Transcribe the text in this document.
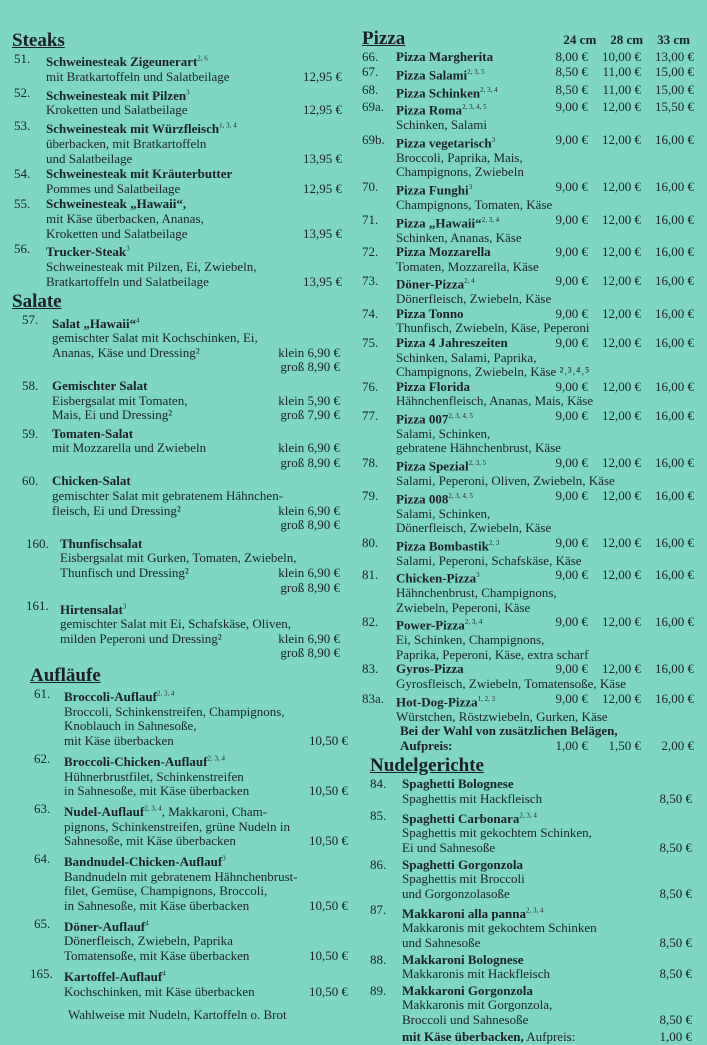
Steaks
51. Schweinesteak Zigeunerart$^{2, 6}$
mit Bratkartoffeln und Salatbeilage	12,95 €
52. Schweinesteak mit Pilzen$^3$
Kroketten und Salatbeilage	12,95 €
53. Schweinesteak mit Würzfleisch$^{1, 3, 4}$
überbacken, mit Bratkartoffeln
und Salatbeilage	13,95 €
54. Schweinesteak mit Kräuterbutter
Pommes und Salatbeilage	12,95 €
55. Schweinesteak „Hawaii“,
mit Käse überbacken, Ananas,
Kroketten und Salatbeilage	13,95 €
56. Trucker-Steak$^3$
Schweinesteak mit Pilzen, Ei, Zwiebeln,
Bratkartoffeln und Salatbeilage	13,95 €
Salate
57. Salat „Hawaii“$^4$
gemischter Salat mit Kochschinken, Ei,
Ananas, Käse und Dressing²	klein 6,90 €
groß 8,90 €
58. Gemischter Salat
Eisbergsalat mit Tomaten,	klein 5,90 €
Mais, Ei und Dressing²	groß 7,90 €
59. Tomaten-Salat
mit Mozzarella und Zwiebeln	klein 6,90 €
groß 8,90 €
60. Chicken-Salat
gemischter Salat mit gebratenem Hähnchen-
fleisch, Ei und Dressing²	klein 6,90 €
groß 8,90 €
160. Thunfischsalat
Eisbergsalat mit Gurken, Tomaten, Zwiebeln,
Thunfisch und Dressing²	klein 6,90 €
groß 8,90 €
161. Hirtensalat$^3$
gemischter Salat mit Ei, Schafskäse, Oliven,
milden Peperoni und Dressing²	klein 6,90 €
groß 8,90 €
Aufläufe
61. Broccoli-Auflauf$^{2, 3, 4}$
Broccoli, Schinkenstreifen, Champignons,
Knoblauch in Sahnesoße,
mit Käse überbacken	10,50 €
62. Broccoli-Chicken-Auflauf$^{2, 3, 4}$
Hühnerbrustfilet, Schinkenstreifen
in Sahnesoße, mit Käse überbacken	10,50 €
63. Nudel-Auflauf$^{2, 3, 4}$, Makkaroni, Cham-
pignons, Schinkenstreifen, grüne Nudeln in
Sahnesoße, mit Käse überbacken	10,50 €
64. Bandnudel-Chicken-Auflauf$^3$
Bandnudeln mit gebratenem Hähnchenbrust-
filet, Gemüse, Champignons, Broccoli,
in Sahnesoße, mit Käse überbacken	10,50 €
65. Döner-Auflauf$^4$
Dönerfleisch, Zwiebeln, Paprika
Tomatensoße, mit Käse überbacken	10,50 €
165. Kartoffel-Auflauf$^4$
Kochschinken, mit Käse überbacken	10,50 €
Wahlweise mit Nudeln, Kartoffeln o. Brot
Pizza	24 cm 28 cm 33 cm
66. Pizza Margherita	8,00 €	10,00 €	13,00 €
67. Pizza Salami$^{2, 3, 5}$	8,50 €	11,00 €	15,00 €
68. Pizza Schinken$^{2, 3, 4}$	8,50 €	11,00 €	15,00 €
69a. Pizza Roma$^{2, 3, 4, 5}$	9,00 €	12,00 €	15,50 €
Schinken, Salami
69b. Pizza vegetarisch$^3$	9,00 €	12,00 €	16,00 €
Broccoli, Paprika, Mais,
Champignons, Zwiebeln
70. Pizza Funghi$^3$	9,00 €	12,00 €	16,00 €
Champignons, Tomaten, Käse
71. Pizza „Hawaii“$^{2, 3, 4}$	9,00 €	12,00 €	16,00 €
Schinken, Ananas, Käse
72. Pizza Mozzarella	9,00 €	12,00 €	16,00 €
Tomaten, Mozzarella, Käse
73. Döner-Pizza$^{2, 4}$	9,00 €	12,00 €	16,00 €
Dönerfleisch, Zwiebeln, Käse
74. Pizza Tonno	9,00 €	12,00 €	16,00 €
Thunfisch, Zwiebeln, Käse, Peperoni
75. Pizza 4 Jahreszeiten	9,00 €	12,00 €	16,00 €
Schinken, Salami, Paprika,
Champignons, Zwiebeln, Käse ²˒³˒⁴˒⁵
76. Pizza Florida	9,00 €	12,00 €	16,00 €
Hähnchenfleisch, Ananas, Mais, Käse
77. Pizza 007$^{2, 3, 4, 5}$	9,00 €	12,00 €	16,00 €
Salami, Schinken,
gebratene Hähnchenbrust, Käse
78. Pizza Spezial$^{2, 3, 5}$	9,00 €	12,00 €	16,00 €
Salami, Peperoni, Oliven, Zwiebeln, Käse
79. Pizza 008$^{2, 3, 4, 5}$	9,00 €	12,00 €	16,00 €
Salami, Schinken,
Dönerfleisch, Zwiebeln, Käse
80. Pizza Bombastik$^{2, 3}$	9,00 €	12,00 €	16,00 €
Salami, Peperoni, Schafskäse, Käse
81. Chicken-Pizza$^3$	9,00 €	12,00 €	16,00 €
Hähnchenbrust, Champignons,
Zwiebeln, Peperoni, Käse
82. Power-Pizza$^{2, 3, 4}$	9,00 €	12,00 €	16,00 €
Ei, Schinken, Champignons,
Paprika, Peperoni, Käse, extra scharf
83. Gyros-Pizza	9,00 €	12,00 €	16,00 €
Gyrosfleisch, Zwiebeln, Tomatensoße, Käse
83a. Hot-Dog-Pizza$^{1, 2, 3}$	9,00 €	12,00 €	16,00 €
Würstchen, Röstzwiebeln, Gurken, Käse
Bei der Wahl von zusätzlichen Belägen,
Aufpreis:	1,00 €	1,50 €	2,00 €
Nudelgerichte
84. Spaghetti Bolognese
Spaghettis mit Hackfleisch	8,50 €
85. Spaghetti Carbonara$^{2, 3, 4}$
Spaghettis mit gekochtem Schinken,
Ei und Sahnesoße	8,50 €
86. Spaghetti Gorgonzola
Spaghettis mit Broccoli
und Gorgonzolasoße	8,50 €
87. Makkaroni alla panna$^{2, 3, 4}$
Makkaronis mit gekochtem Schinken
und Sahnesoße	8,50 €
88. Makkaroni Bolognese
Makkaronis mit Hackfleisch	8,50 €
89. Makkaroni Gorgonzola
Makkaronis mit Gorgonzola,
Broccoli und Sahnesoße	8,50 €
mit Käse überbacken, Aufpreis:	1,00 €
